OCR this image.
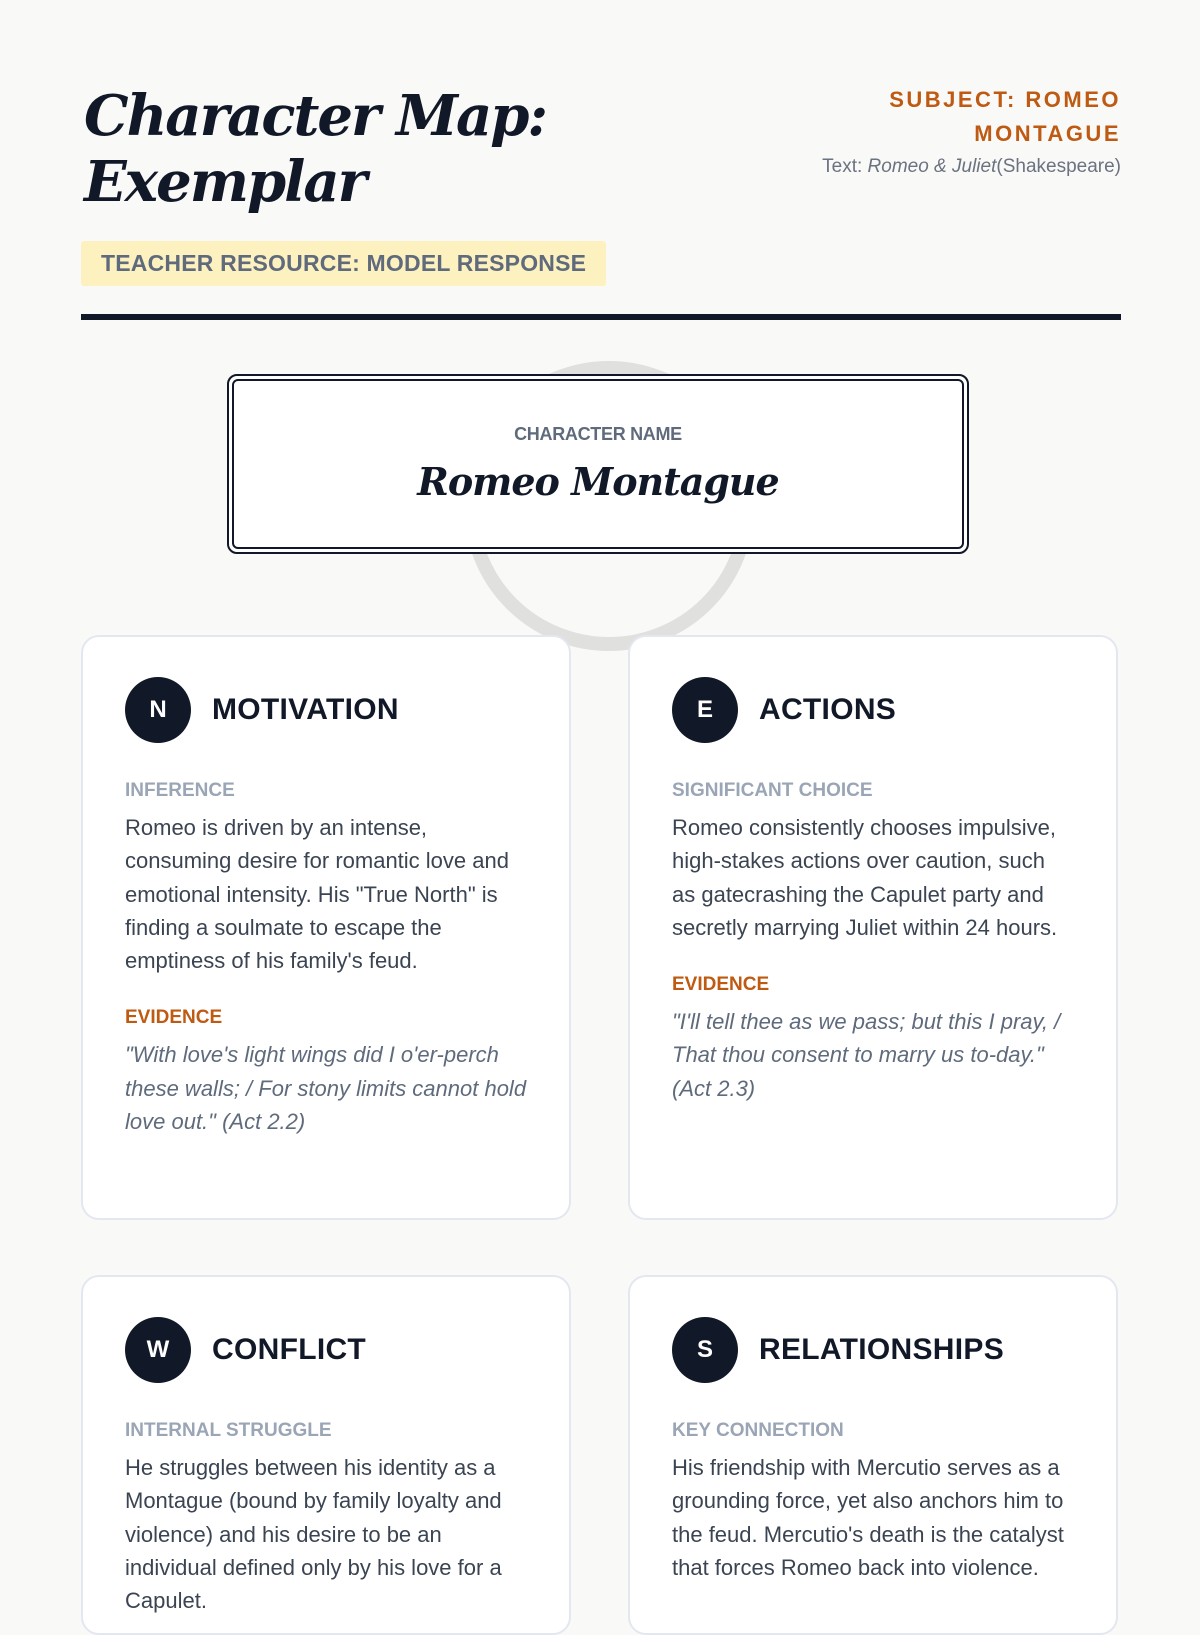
Character Map: Exemplar
TEACHER RESOURCE: MODEL RESPONSE
SUBJECT: ROMEO MONTAGUE
Text: Romeo & Juliet(Shakespeare)
CHARACTER NAME
Romeo Montague
N	MOTIVATION
INFERENCE
Romeo is driven by an intense, consuming desire for romantic love and emotional intensity. His "True North" is finding a soulmate to escape the emptiness of his family's feud.
EVIDENCE
"With love's light wings did I o'er-perch these walls; / For stony limits cannot hold love out." (Act 2.2)
E	ACTIONS
SIGNIFICANT CHOICE
Romeo consistently chooses impulsive, high-stakes actions over caution, such as gatecrashing the Capulet party and secretly marrying Juliet within 24 hours.
EVIDENCE
"I'll tell thee as we pass; but this I pray, / That thou consent to marry us to-day." (Act 2.3)
W	CONFLICT
INTERNAL STRUGGLE
He struggles between his identity as a Montague (bound by family loyalty and violence) and his desire to be an individual defined only by his love for a Capulet.
S	RELATIONSHIPS
KEY CONNECTION
His friendship with Mercutio serves as a grounding force, yet also anchors him to the feud. Mercutio's death is the catalyst that forces Romeo back into violence.
